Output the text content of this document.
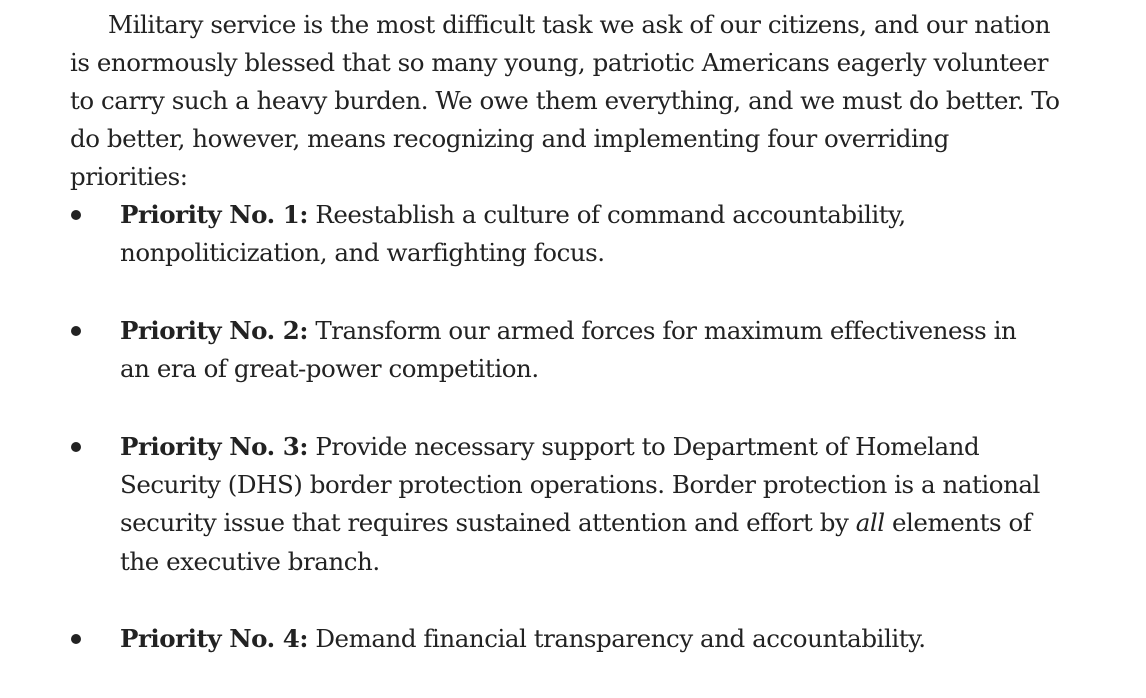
Military service is the most difficult task we ask of our citizens, and our nation is enormously blessed that so many young, patriotic Americans eagerly volunteer to carry such a heavy burden. We owe them everything, and we must do better. To do better, however, means recognizing and implementing four overriding priorities:

Priority No. 1: Reestablish a culture of command accountability, nonpoliticization, and warfighting focus.

Priority No. 2: Transform our armed forces for maximum effectiveness in an era of great-power competition.

Priority No. 3: Provide necessary support to Department of Homeland Security (DHS) border protection operations. Border protection is a national security issue that requires sustained attention and effort by all elements of the executive branch.

Priority No. 4: Demand financial transparency and accountability.
